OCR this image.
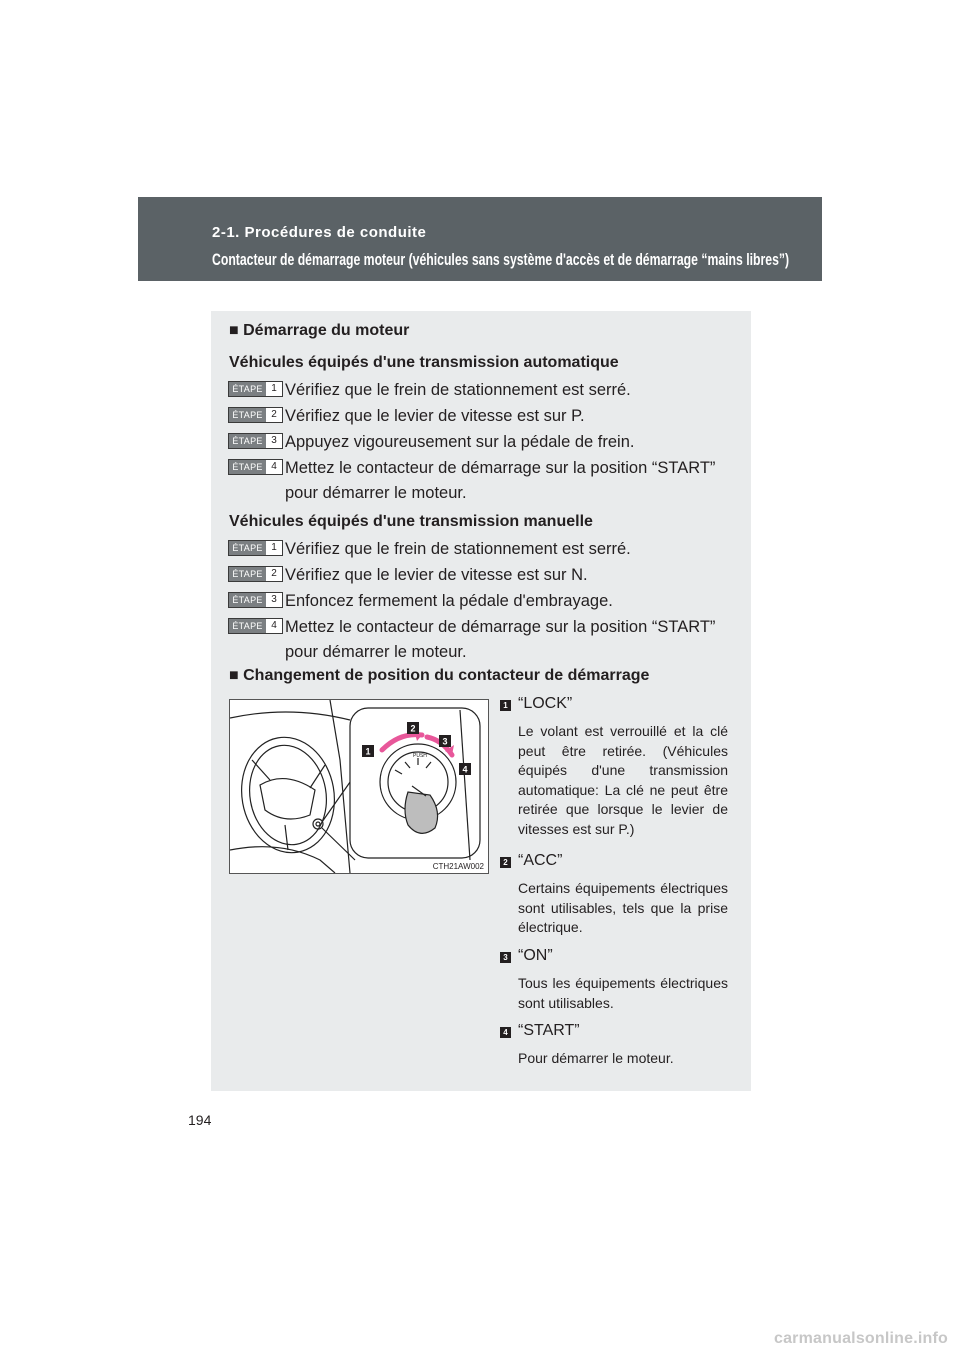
2-1. Procédures de conduite
Contacteur de démarrage moteur (véhicules sans système d'accès et de démarrage “mains libres”)
■ Démarrage du moteur
Véhicules équipés d'une transmission automatique
ÉTAPE 1 Vérifiez que le frein de stationnement est serré.
ÉTAPE 2 Vérifiez que le levier de vitesse est sur P.
ÉTAPE 3 Appuyez vigoureusement sur la pédale de frein.
ÉTAPE 4 Mettez le contacteur de démarrage sur la position “START” pour démarrer le moteur.
Véhicules équipés d'une transmission manuelle
ÉTAPE 1 Vérifiez que le frein de stationnement est serré.
ÉTAPE 2 Vérifiez que le levier de vitesse est sur N.
ÉTAPE 3 Enfoncez fermement la pédale d'embrayage.
ÉTAPE 4 Mettez le contacteur de démarrage sur la position “START” pour démarrer le moteur.
■ Changement de position du contacteur de démarrage
PUSH
1
2
3
4
CTH21AW002
1 “LOCK”
Le volant est verrouillé et la clé peut être retirée. (Véhicules équipés d'une transmission automatique: La clé ne peut être retirée que lorsque le levier de vitesses est sur P.)
2 “ACC”
Certains équipements électriques sont utilisables, tels que la prise électrique.
3 “ON”
Tous les équipements électriques sont utilisables.
4 “START”
Pour démarrer le moteur.
194
carmanualsonline.info
